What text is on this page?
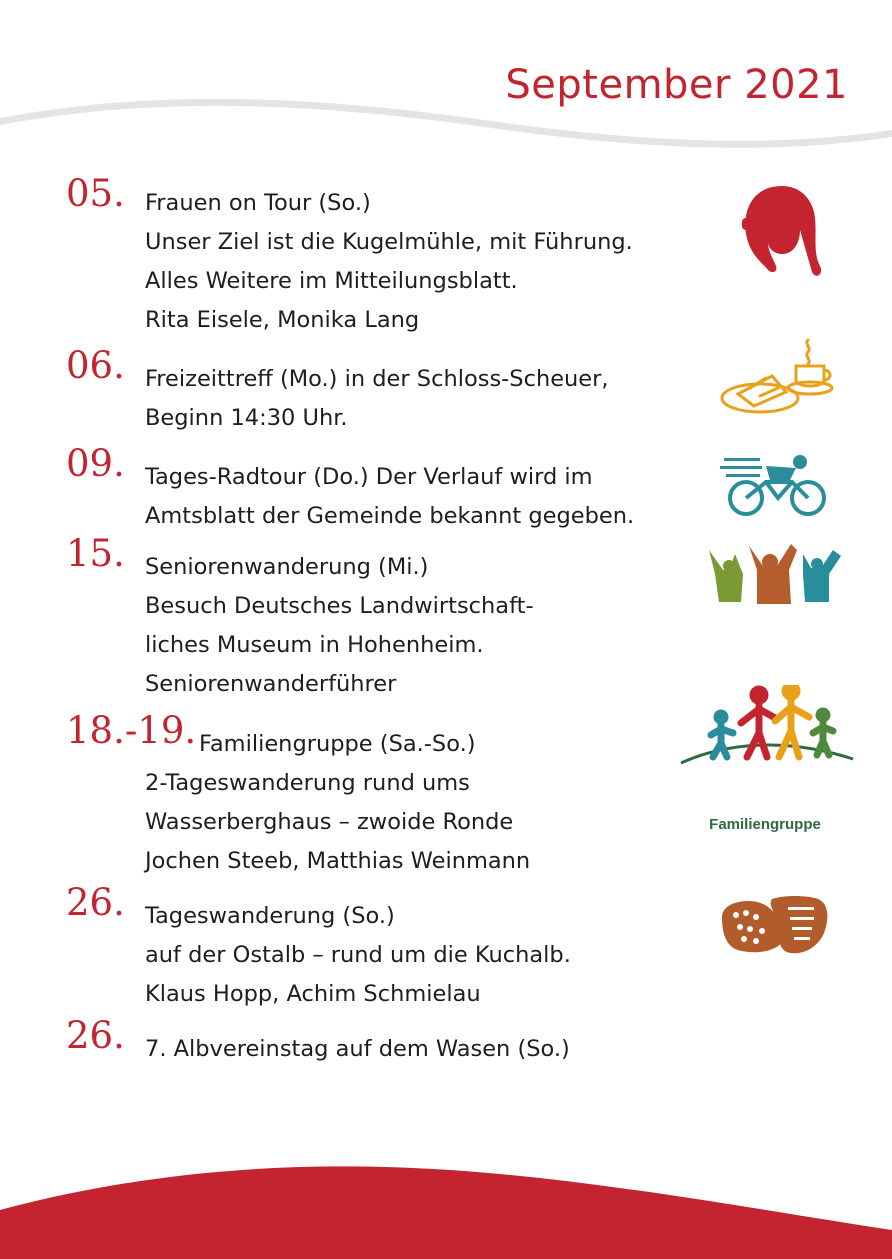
September 2021
05. Frauen on Tour (So.)
Unser Ziel ist die Kugelmühle, mit Führung.
Alles Weitere im Mitteilungsblatt.
Rita Eisele, Monika Lang
06. Freizeittreff (Mo.) in der Schloss-Scheuer,
Beginn 14:30 Uhr.
09. Tages-Radtour (Do.) Der Verlauf wird im
Amtsblatt der Gemeinde bekannt gegeben.
15. Seniorenwanderung (Mi.)
Besuch Deutsches Landwirtschaft-
liches Museum in Hohenheim.
Seniorenwanderführer
18.-19. Familiengruppe (Sa.-So.)
2-Tageswanderung rund ums
Wasserberghaus – zwoide Ronde
Jochen Steeb, Matthias Weinmann
Familiengruppe
26. Tageswanderung (So.)
auf der Ostalb – rund um die Kuchalb.
Klaus Hopp, Achim Schmielau
26. 7. Albvereinstag auf dem Wasen (So.)
